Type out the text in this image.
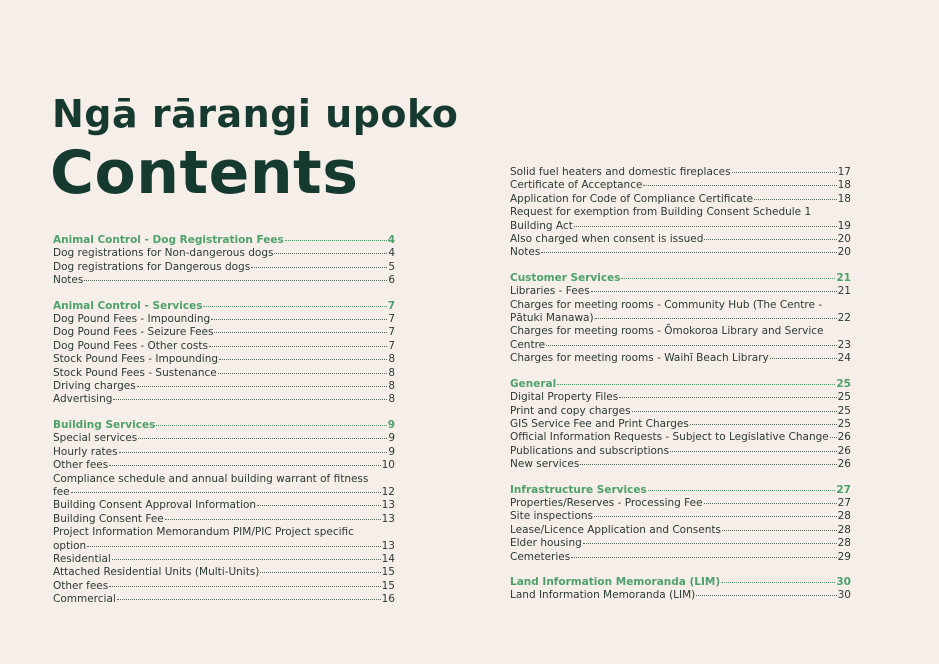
Ngā rārangi upoko
Contents
Animal Control - Dog Registration Fees	4
Dog registrations for Non-dangerous dogs	4
Dog registrations for Dangerous dogs	5
Notes	6
Animal Control - Services	7
Dog Pound Fees - Impounding	7
Dog Pound Fees - Seizure Fees	7
Dog Pound Fees - Other costs	7
Stock Pound Fees - Impounding	8
Stock Pound Fees - Sustenance	8
Driving charges	8
Advertising	8
Building Services	9
Special services	9
Hourly rates	9
Other fees	10
Compliance schedule and annual building warrant of fitness
fee	12
Building Consent Approval Information	13
Building Consent Fee	13
Project Information Memorandum PIM/PIC Project specific
option	13
Residential	14
Attached Residential Units (Multi-Units)	15
Other fees	15
Commercial	16
Solid fuel heaters and domestic fireplaces	17
Certificate of Acceptance	18
Application for Code of Compliance Certificate	18
Request for exemption from Building Consent Schedule 1
Building Act	19
Also charged when consent is issued	20
Notes	20
Customer Services	21
Libraries - Fees	21
Charges for meeting rooms - Community Hub (The Centre -
Pātuki Manawa)	22
Charges for meeting rooms - Ōmokoroa Library and Service
Centre	23
Charges for meeting rooms - Waihī Beach Library	24
General	25
Digital Property Files	25
Print and copy charges	25
GIS Service Fee and Print Charges	25
Official Information Requests - Subject to Legislative Change 26
Publications and subscriptions	26
New services	26
Infrastructure Services	27
Properties/Reserves - Processing Fee	27
Site inspections	28
Lease/Licence Application and Consents	28
Elder housing	28
Cemeteries	29
Land Information Memoranda (LIM)	30
Land Information Memoranda (LIM)	30
